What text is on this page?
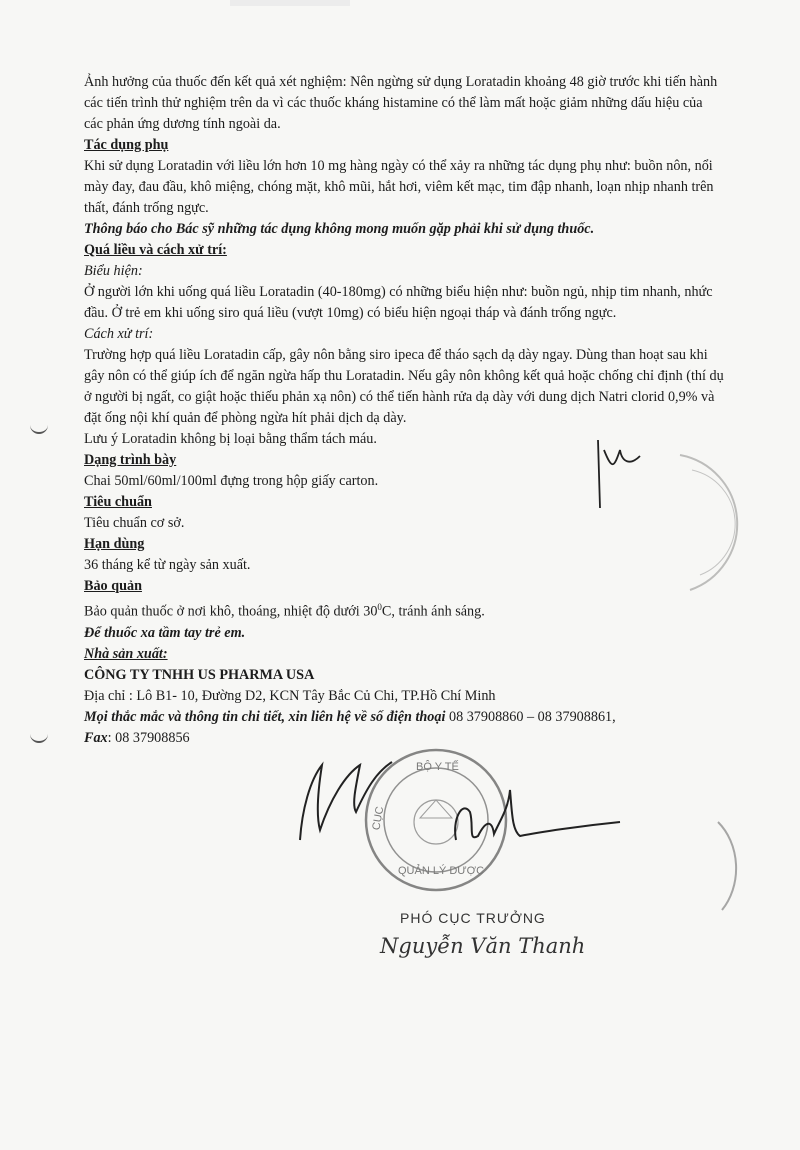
Ảnh hưởng của thuốc đến kết quả xét nghiệm: Nên ngừng sử dụng Loratadin khoảng 48 giờ trước khi tiến hành các tiến trình thử nghiệm trên da vì các thuốc kháng histamine có thể làm mất hoặc giảm những dấu hiệu của các phản ứng dương tính ngoài da.

Tác dụng phụ

Khi sử dụng Loratadin với liều lớn hơn 10 mg hàng ngày có thể xảy ra những tác dụng phụ như: buồn nôn, nổi mày đay, đau đầu, khô miệng, chóng mặt, khô mũi, hắt hơi, viêm kết mạc, tim đập nhanh, loạn nhịp nhanh trên thất, đánh trống ngực.

Thông báo cho Bác sỹ những tác dụng không mong muốn gặp phải khi sử dụng thuốc.

Quá liều và cách xử trí:

Biểu hiện:

Ở người lớn khi uống quá liều Loratadin (40-180mg) có những biểu hiện như: buồn ngủ, nhịp tim nhanh, nhức đầu. Ở trẻ em khi uống siro quá liều (vượt 10mg) có biểu hiện ngoại tháp và đánh trống ngực.

Cách xử trí:

Trường hợp quá liều Loratadin cấp, gây nôn bằng siro ipeca để tháo sạch dạ dày ngay. Dùng than hoạt sau khi gây nôn có thể giúp ích để ngăn ngừa hấp thu Loratadin. Nếu gây nôn không kết quả hoặc chống chỉ định (thí dụ ở người bị ngất, co giật hoặc thiếu phản xạ nôn) có thể tiến hành rửa dạ dày với dung dịch Natri clorid 0,9% và đặt ống nội khí quản để phòng ngừa hít phải dịch dạ dày.

Lưu ý Loratadin không bị loại bằng thẩm tách máu.

Dạng trình bày

Chai 50ml/60ml/100ml đựng trong hộp giấy carton.

Tiêu chuẩn

Tiêu chuẩn cơ sở.

Hạn dùng

36 tháng kể từ ngày sản xuất.

Bảo quản

Bảo quản thuốc ở nơi khô, thoáng, nhiệt độ dưới $30^0C$, tránh ánh sáng.

Để thuốc xa tầm tay trẻ em.

Nhà sản xuất:

CÔNG TY TNHH US PHARMA USA

Địa chỉ : Lô B1- 10, Đường D2, KCN Tây Bắc Củ Chi, TP.Hồ Chí Minh

Mọi thắc mắc và thông tin chi tiết, xin liên hệ về số điện thoại 08 37908860 – 08 37908861,

Fax: 08 37908856

BỘ Y TẾ
CỤC
QUẢN LÝ DƯỢC
PHÓ CỤC TRƯỞNG
Nguyễn Văn Thanh
